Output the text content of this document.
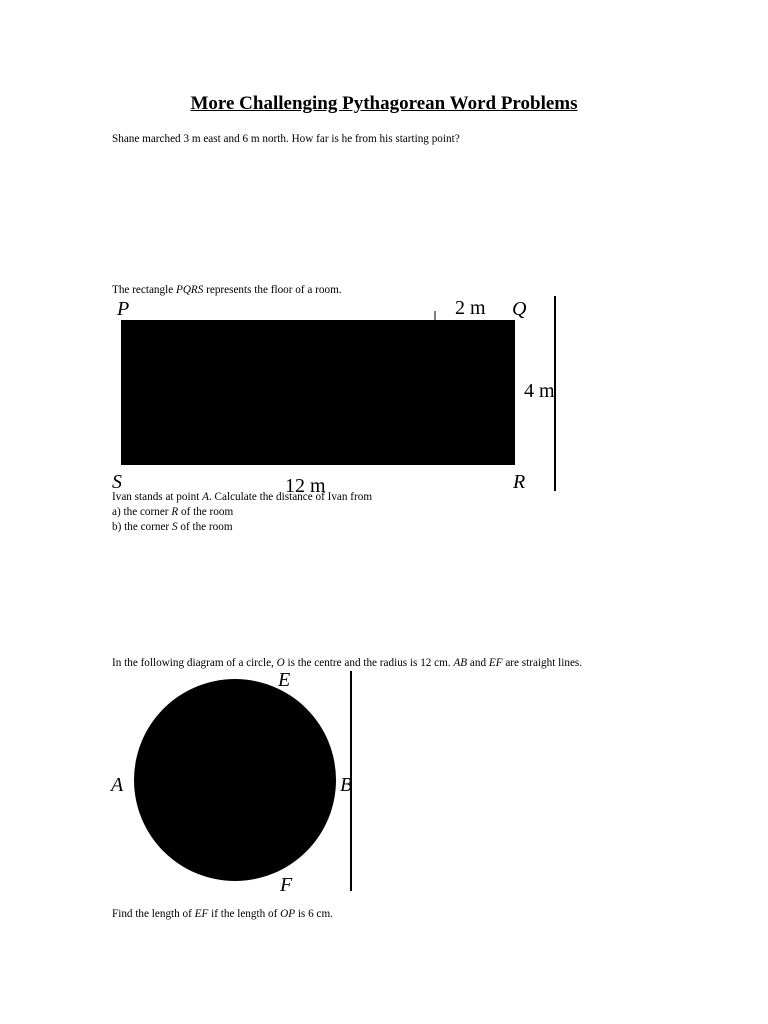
More Challenging Pythagorean Word Problems
Shane marched 3 m east and 6 m north. How far is he from his starting point?
The rectangle PQRS represents the floor of a room.
P	2 m Q
4 m
S	12 m	R
E
A	B
F
Ivan stands at point A. Calculate the distance of Ivan from
a) the corner R of the room
b) the corner S of the room
In the following diagram of a circle, O is the centre and the radius is 12 cm. AB and EF are straight lines.
Find the length of EF if the length of OP is 6 cm.
